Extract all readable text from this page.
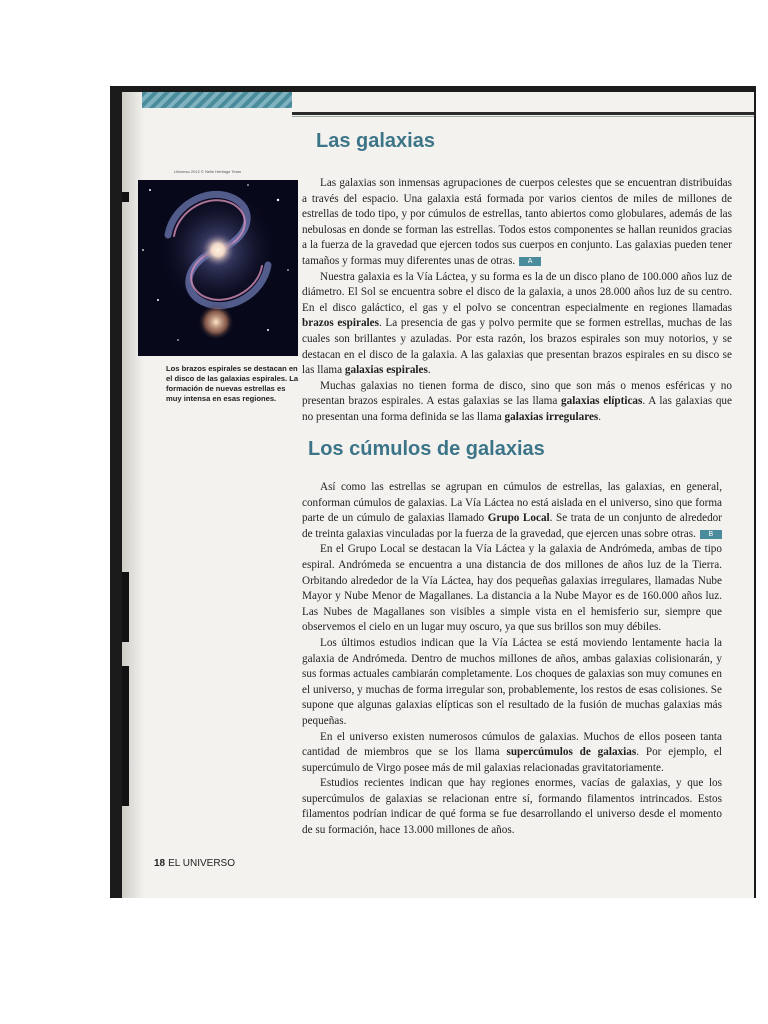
Las galaxias
Universo 2012 © Nelle Heritage Team
Los brazos espirales se destacan en el disco de las galaxias espirales. La formación de nuevas estrellas es muy intensa en esas regiones.

Las galaxias son inmensas agrupaciones de cuerpos celestes que se encuentran distribuidas a través del espacio. Una galaxia está formada por varios cientos de miles de millones de estrellas de todo tipo, y por cúmulos de estrellas, tanto abiertos como globulares, además de las nebulosas en donde se forman las estrellas. Todos estos componentes se hallan reunidos gracias a la fuerza de la gravedad que ejercen todos sus cuerpos en conjunto. Las galaxias pueden tener tamaños y formas muy diferentes unas de otras. A

Nuestra galaxia es la Vía Láctea, y su forma es la de un disco plano de 100.000 años luz de diámetro. El Sol se encuentra sobre el disco de la galaxia, a unos 28.000 años luz de su centro. En el disco galáctico, el gas y el polvo se concentran especialmente en regiones llamadas brazos espirales. La presencia de gas y polvo permite que se formen estrellas, muchas de las cuales son brillantes y azuladas. Por esta razón, los brazos espirales son muy notorios, y se destacan en el disco de la galaxia. A las galaxias que presentan brazos espirales en su disco se las llama galaxias espirales.

Muchas galaxias no tienen forma de disco, sino que son más o menos esféricas y no presentan brazos espirales. A estas galaxias se las llama galaxias elípticas. A las galaxias que no presentan una forma definida se las llama galaxias irregulares.

Los cúmulos de galaxias

Así como las estrellas se agrupan en cúmulos de estrellas, las galaxias, en general, conforman cúmulos de galaxias. La Vía Láctea no está aislada en el universo, sino que forma parte de un cúmulo de galaxias llamado Grupo Local. Se trata de un conjunto de alrededor de treinta galaxias vinculadas por la fuerza de la gravedad, que ejercen unas sobre otras. B

En el Grupo Local se destacan la Vía Láctea y la galaxia de Andrómeda, ambas de tipo espiral. Andrómeda se encuentra a una distancia de dos millones de años luz de la Tierra. Orbitando alrededor de la Vía Láctea, hay dos pequeñas galaxias irregulares, llamadas Nube Mayor y Nube Menor de Magallanes. La distancia a la Nube Mayor es de 160.000 años luz. Las Nubes de Magallanes son visibles a simple vista en el hemisferio sur, siempre que observemos el cielo en un lugar muy oscuro, ya que sus brillos son muy débiles.

Los últimos estudios indican que la Vía Láctea se está moviendo lentamente hacia la galaxia de Andrómeda. Dentro de muchos millones de años, ambas galaxias colisionarán, y sus formas actuales cambiarán completamente. Los choques de galaxias son muy comunes en el universo, y muchas de forma irregular son, probablemente, los restos de esas colisiones. Se supone que algunas galaxias elípticas son el resultado de la fusión de muchas galaxias más pequeñas.

En el universo existen numerosos cúmulos de galaxias. Muchos de ellos poseen tanta cantidad de miembros que se los llama supercúmulos de galaxias. Por ejemplo, el supercúmulo de Virgo posee más de mil galaxias relacionadas gravitatoriamente.

Estudios recientes indican que hay regiones enormes, vacías de galaxias, y que los supercúmulos de galaxias se relacionan entre sí, formando filamentos intrincados. Estos filamentos podrían indicar de qué forma se fue desarrollando el universo desde el momento de su formación, hace 13.000 millones de años.

18 EL UNIVERSO
